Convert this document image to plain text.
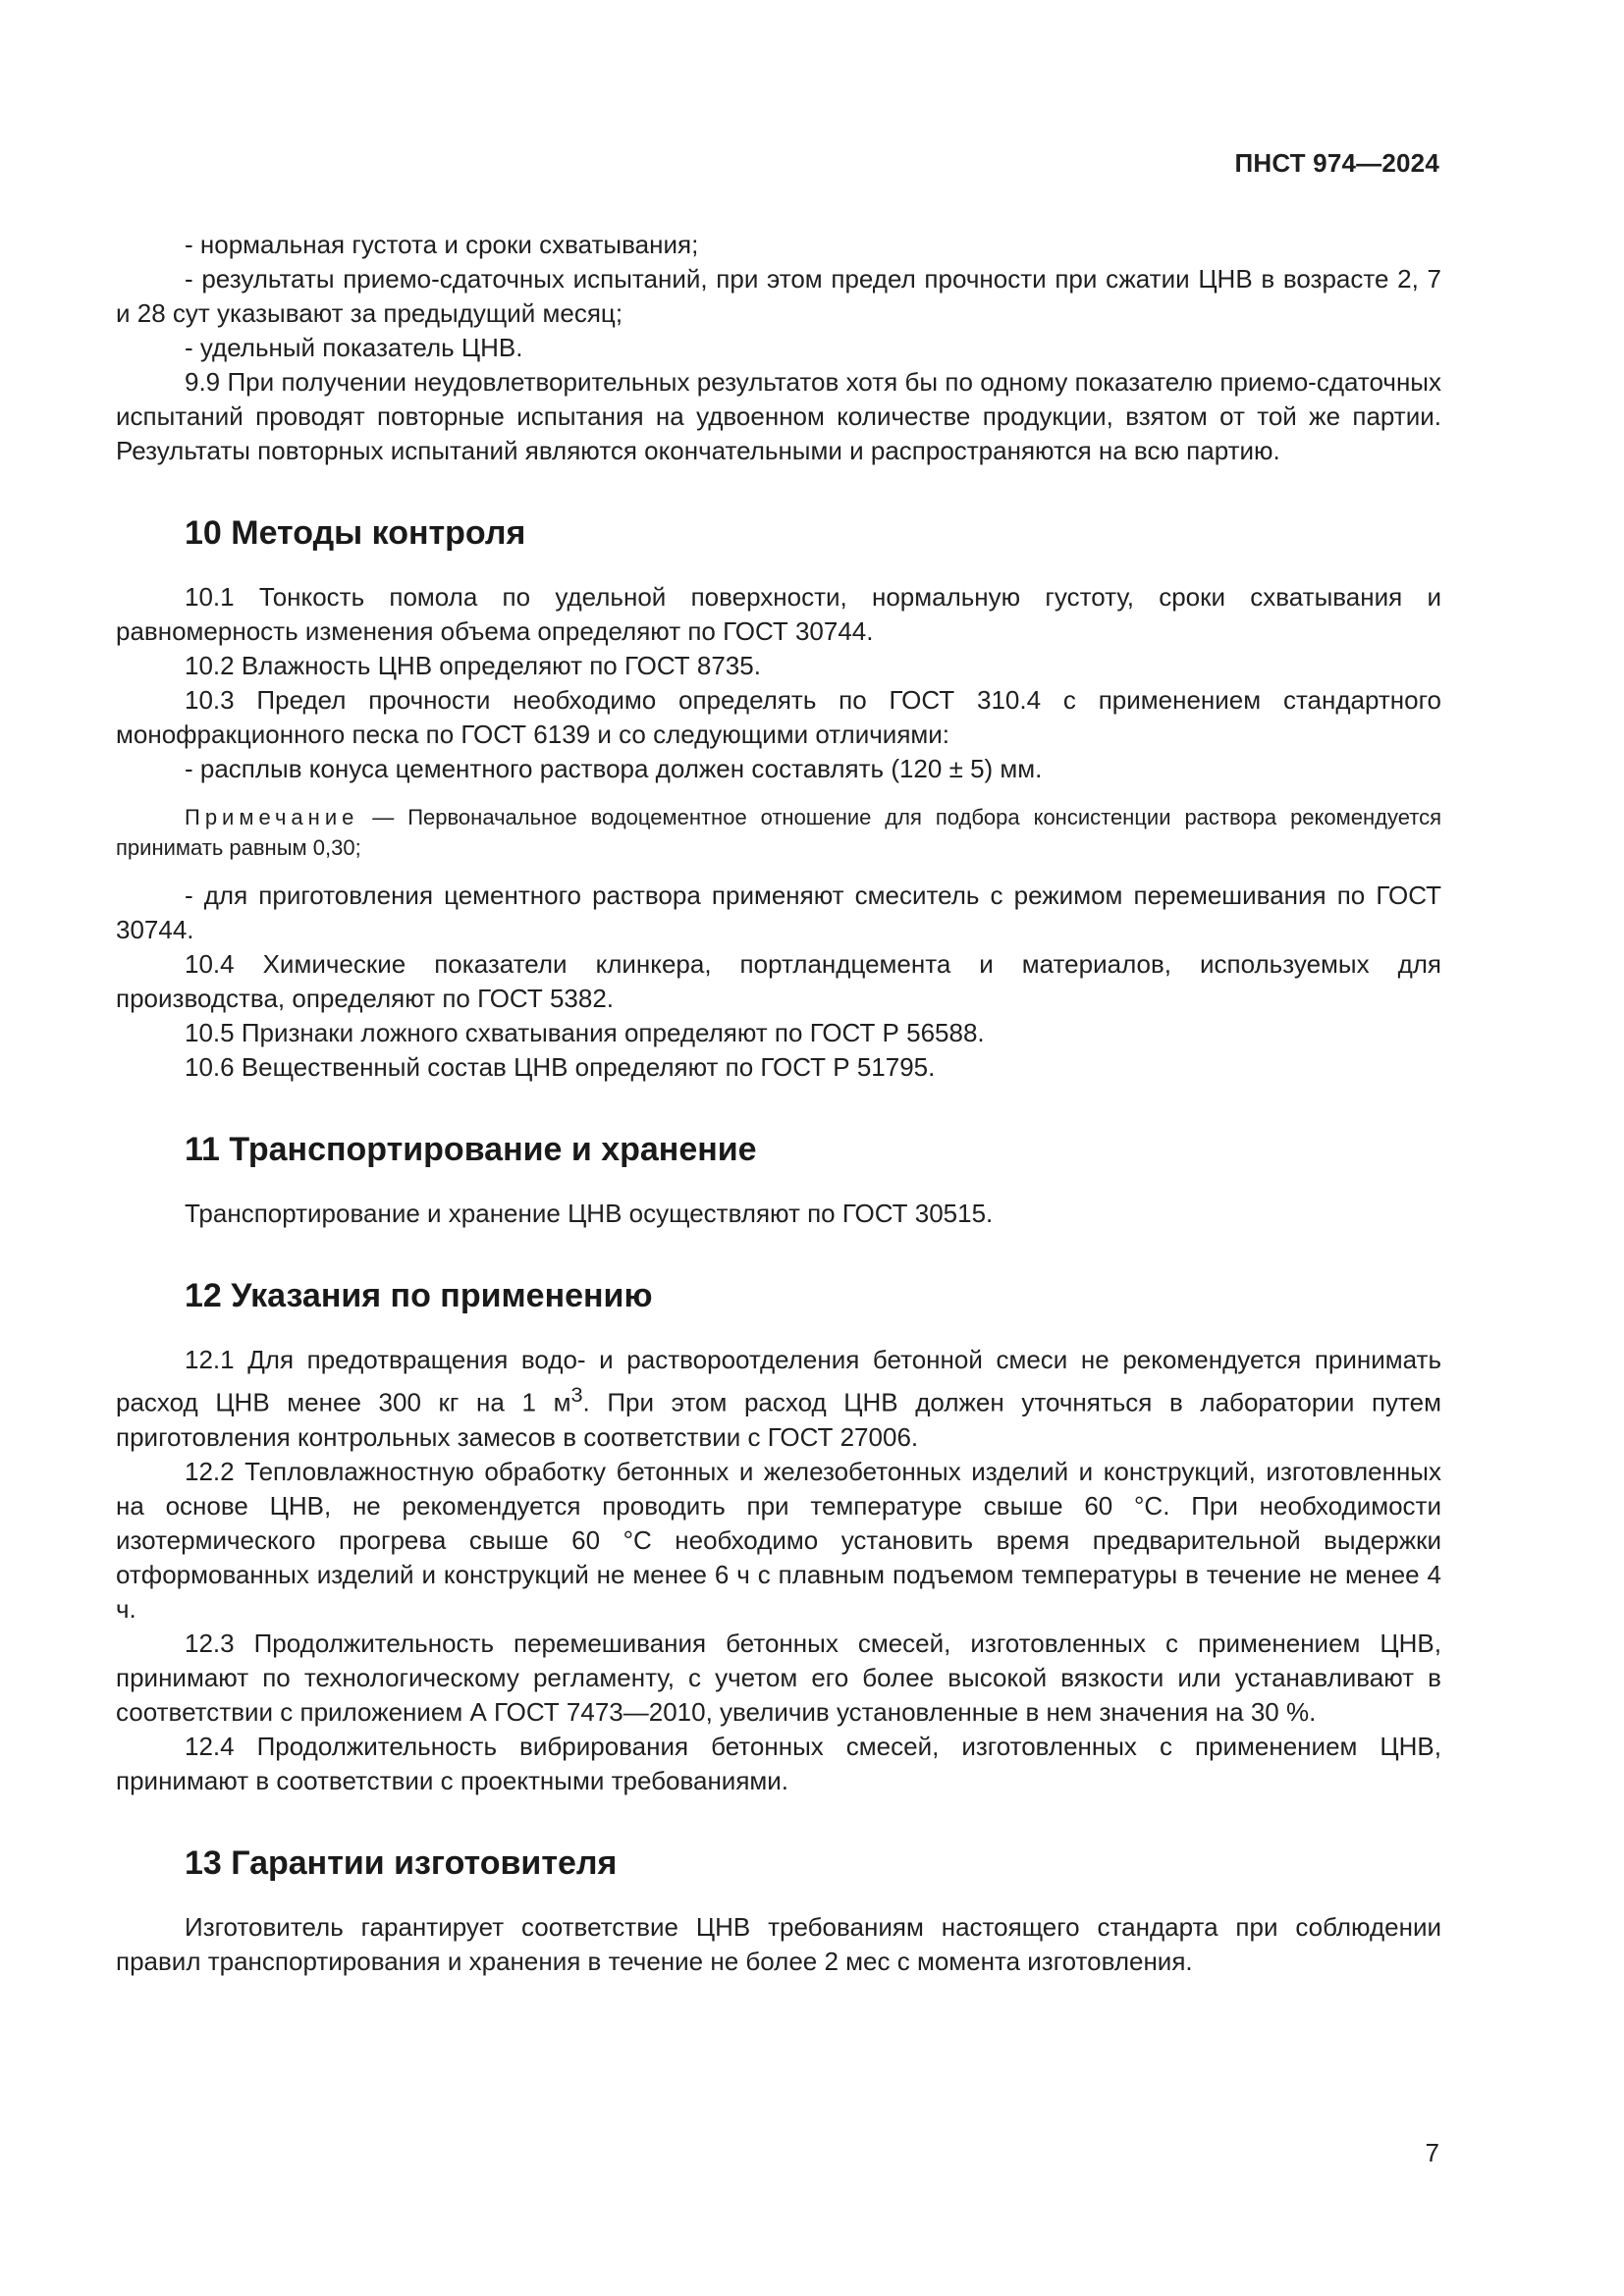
ПНСТ 974—2024

- нормальная густота и сроки схватывания;

- результаты приемо-сдаточных испытаний, при этом предел прочности при сжатии ЦНВ в возрасте 2, 7 и 28 сут указывают за предыдущий месяц;

- удельный показатель ЦНВ.

9.9 При получении неудовлетворительных результатов хотя бы по одному показателю приемо-сдаточных испытаний проводят повторные испытания на удвоенном количестве продукции, взятом от той же партии. Результаты повторных испытаний являются окончательными и распространяются на всю партию.

10 Методы контроля

10.1 Тонкость помола по удельной поверхности, нормальную густоту, сроки схватывания и равномерность изменения объема определяют по ГОСТ 30744.

10.2 Влажность ЦНВ определяют по ГОСТ 8735.

10.3 Предел прочности необходимо определять по ГОСТ 310.4 с применением стандартного монофракционного песка по ГОСТ 6139 и со следующими отличиями:

- расплыв конуса цементного раствора должен составлять (120 ± 5) мм.

Примечание — Первоначальное водоцементное отношение для подбора консистенции раствора рекомендуется принимать равным 0,30;

- для приготовления цементного раствора применяют смеситель с режимом перемешивания по ГОСТ 30744.

10.4 Химические показатели клинкера, портландцемента и материалов, используемых для производства, определяют по ГОСТ 5382.

10.5 Признаки ложного схватывания определяют по ГОСТ Р 56588.

10.6 Вещественный состав ЦНВ определяют по ГОСТ Р 51795.

11 Транспортирование и хранение

Транспортирование и хранение ЦНВ осуществляют по ГОСТ 30515.

12 Указания по применению

12.1 Для предотвращения водо- и раствороотделения бетонной смеси не рекомендуется принимать расход ЦНВ менее 300 кг на 1 $м^3$. При этом расход ЦНВ должен уточняться в лаборатории путем приготовления контрольных замесов в соответствии с ГОСТ 27006.

12.2 Тепловлажностную обработку бетонных и железобетонных изделий и конструкций, изготовленных на основе ЦНВ, не рекомендуется проводить при температуре свыше 60 °С. При необходимости изотермического прогрева свыше 60 °С необходимо установить время предварительной выдержки отформованных изделий и конструкций не менее 6 ч с плавным подъемом температуры в течение не менее 4 ч.

12.3 Продолжительность перемешивания бетонных смесей, изготовленных с применением ЦНВ, принимают по технологическому регламенту, с учетом его более высокой вязкости или устанавливают в соответствии с приложением А ГОСТ 7473—2010, увеличив установленные в нем значения на 30 %.

12.4 Продолжительность вибрирования бетонных смесей, изготовленных с применением ЦНВ, принимают в соответствии с проектными требованиями.

13 Гарантии изготовителя

Изготовитель гарантирует соответствие ЦНВ требованиям настоящего стандарта при соблюдении правил транспортирования и хранения в течение не более 2 мес с момента изготовления.

7
